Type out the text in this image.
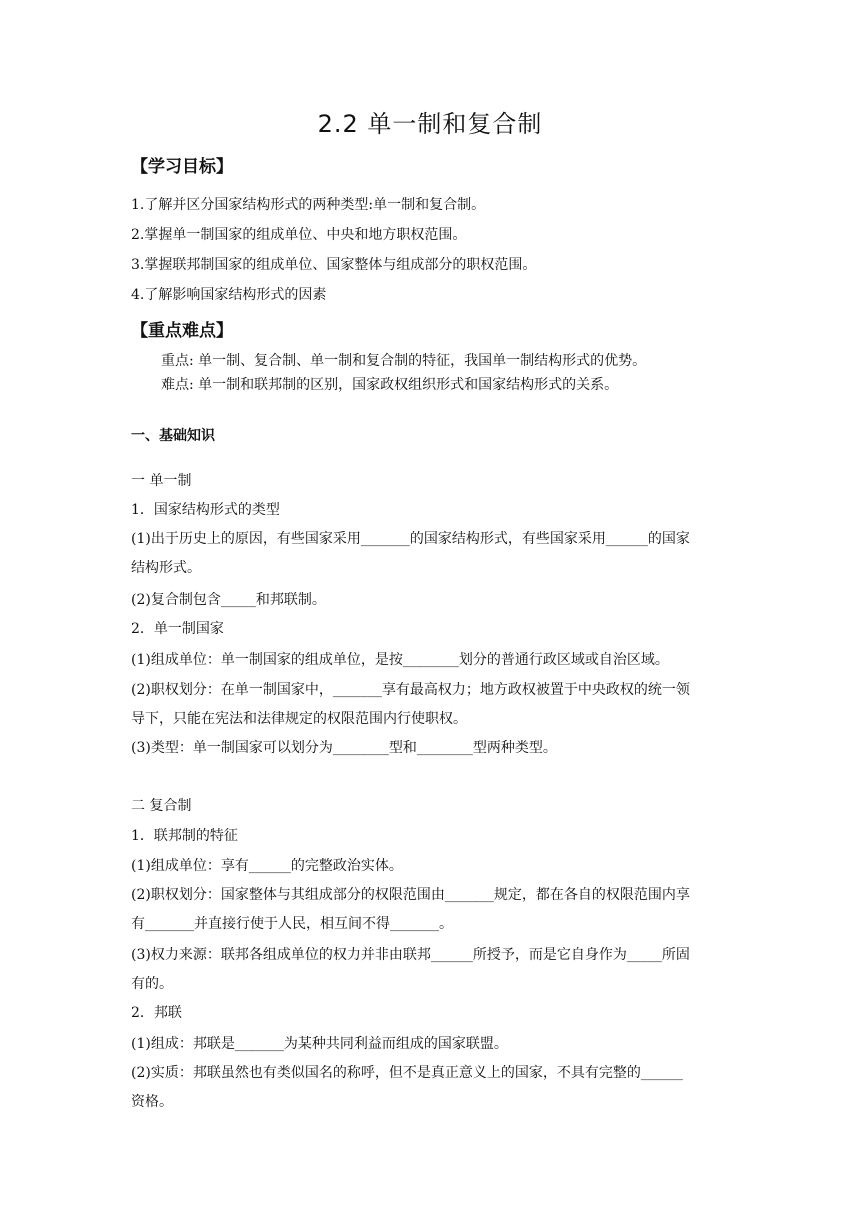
2.2 单一制和复合制
【学习目标】
1.了解并区分国家结构形式的两种类型:单一制和复合制。
2.掌握单一制国家的组成单位、中央和地方职权范围。
3.掌握联邦制国家的组成单位、国家整体与组成部分的职权范围。
4.了解影响国家结构形式的因素
【重点难点】
重点: 单一制、复合制、单一制和复合制的特征，我国单一制结构形式的优势。
难点: 单一制和联邦制的区别，国家政权组织形式和国家结构形式的关系。
一、基础知识
一 单一制
1．国家结构形式的类型
(1)出于历史上的原因，有些国家采用_______的国家结构形式，有些国家采用______的国家
结构形式。
(2)复合制包含_____和邦联制。
2．单一制国家
(1)组成单位：单一制国家的组成单位，是按________划分的普通行政区域或自治区域。
(2)职权划分：在单一制国家中，_______享有最高权力；地方政权被置于中央政权的统一领
导下，只能在宪法和法律规定的权限范围内行使职权。
(3)类型：单一制国家可以划分为________型和________型两种类型。
二 复合制
1．联邦制的特征
(1)组成单位：享有______的完整政治实体。
(2)职权划分：国家整体与其组成部分的权限范围由_______规定，都在各自的权限范围内享
有_______并直接行使于人民，相互间不得_______。
(3)权力来源：联邦各组成单位的权力并非由联邦______所授予，而是它自身作为_____所固
有的。
2．邦联
(1)组成：邦联是_______为某种共同利益而组成的国家联盟。
(2)实质：邦联虽然也有类似国名的称呼，但不是真正意义上的国家，不具有完整的______
资格。
